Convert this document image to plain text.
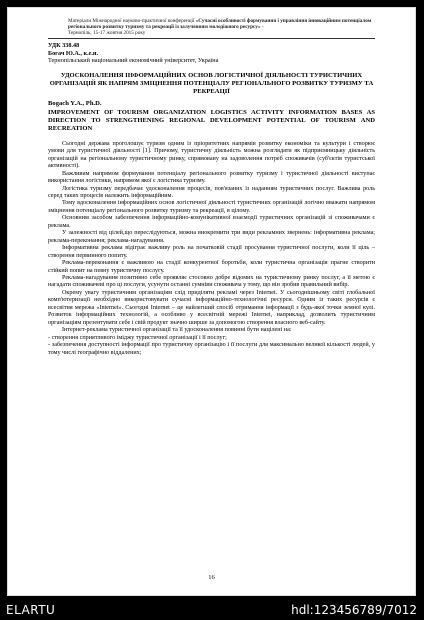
Матеріали Міжнародної науково-практичної конференції «Сучасні особливості формування і управління інноваційним потенціалом регіонального розвитку туризму та рекреації із залученням молодіжного ресурсу» -
Тернопіль, 15-17 жовтня 2015 року
УДК 338.48
Богач Ю.А., к.е.н.
Тернопільський національний економічний університет, Україна
УДОСКОНАЛЕННЯ ІНФОРМАЦІЙНИХ ОСНОВ ЛОГІСТИЧНОЇ ДІЯЛЬНОСТІ ТУРИСТИЧНИХ ОРГАНІЗАЦІЙ ЯК НАПРЯМ ЗМІЦНЕННЯ ПОТЕНЦІАЛУ РЕГІОНАЛЬНОГО РОЗВИТКУ ТУРИЗМУ ТА РЕКРЕАЦІЇ
Bogach Y.A., Ph.D.
IMPROVEMENT OF TOURISM ORGANIZATION LOGISTICS ACTIVITY INFORMATION BASES AS DIRECTION TO STRENGTHENING REGIONAL DEVELOPMENT POTENTIAL OF TOURISM AND RECREATION

Сьогодні держава проголошує туризм одним із пріоритетних напрямів розвитку економіки та культури і створює умови для туристичної діяльності [1]. Причому, туристичну діяльність можна розглядати як підприємницьку діяльність організацій на регіональному туристичному ринку, спрямовану на задоволення потреб споживачів (суб'єктів туристської активності).

Важливим напрямом формування потенціалу регіонального розвитку туризму і туристичної діяльності виступає використання логістики, напрямом якої є логістика туризму.

Логістика туризму передбачає удосконалення процесів, пов'язаних із наданням туристичних послуг. Важлива роль серед таких процесів належить інформаційним.

Тому вдосконалення інформаційних основ логістичної діяльності туристичних організацій логічно вважати напрямом зміцнення потенціалу регіонального розвитку туризму та рекреації, в цілому.

Основним засобом забезпечення інформаційно-комунікативної взаємодії туристичних організацій зі споживачами є реклама.

У залежності від цілей,що переслідуються, можна виокремити три види рекламних звернень: інформативна реклама; реклама-переконання; реклама-нагадування.

Інформативна реклама відіграє важливу роль на початковій стадії просування туристичної послуги, коли її ціль – створення первинного попиту.

Реклама-переконання є важливою на стадії конкурентної боротьби, коли туристична організація прагне створити стійкий попит на певну туристичну послугу.

Реклама-нагадування позитивно себе проявляє стосовно добре відомих на туристичному ринку послуг, а її метою є нагадати споживачеві про ці послуги, усунути останні сумніви споживача у тому, що він зробив правильний вибір.

Окрему увагу туристичним організаціям слід приділяти рекламі через Internet. У сьогоднішньому світі глобальної комп'ютеризації необхідно використовувати сучасні інформаційно-технологічні ресурси. Одним із таких ресурсів є всесвітня мережа «Internet». Сьогодні Internet – це найлегший спосіб отримання інформації з будь-якої точки земної кулі. Розвиток інформаційних технологій, а особливо у всесвітній мережі Internet, наприклад, дозволить туристичним організаціям презентувати себе і свій продукт значно ширше за допомогою створення власного веб-сайту.

Інтернет-реклама туристичної організації та її удосконалення повинні бути націлені на:

- створення сприятливого іміджу туристичної організації і її послуг;

- забезпечення доступності інформації про туристичну організацію і її послуги для максимально великої кількості людей, у тому числі географічно віддалених;

16
ELARTU	hdl:123456789/7012
